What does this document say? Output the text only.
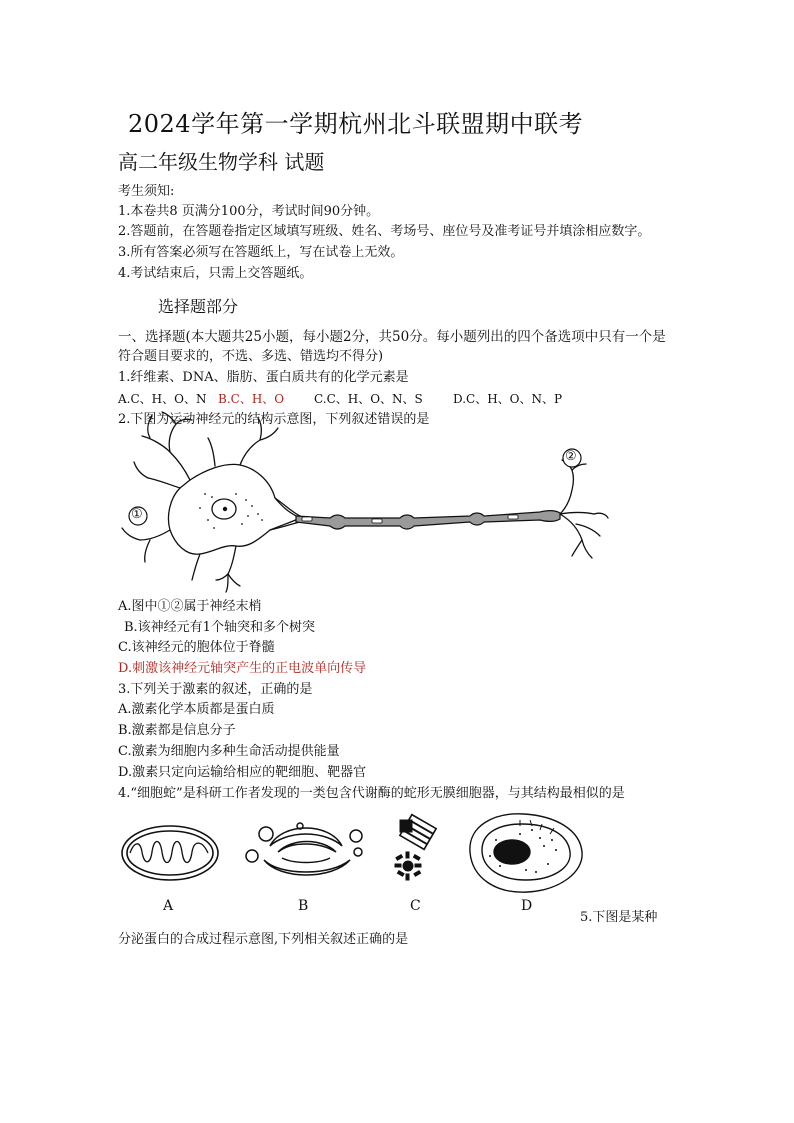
2024学年第一学期杭州北斗联盟期中联考
高二年级生物学科 试题
考生须知:
1.本卷共8 页满分100分，考试时间90分钟。
2.答题前，在答题卷指定区域填写班级、姓名、考场号、座位号及准考证号并填涂相应数字。
3.所有答案必须写在答题纸上，写在试卷上无效。
4.考试结束后，只需上交答题纸。
选择题部分
一、选择题(本大题共25小题，每小题2分，共50分。每小题列出的四个备选项中只有一个是
符合题目要求的，不选、多选、错选均不得分)
1.纤维素、DNA、脂肪、蛋白质共有的化学元素是
A.C、H、O、N B.C、H、O C.C、H、O、N、S	D.C、H、O、N、P
2.下图为运动神经元的结构示意图，下列叙述错误的是
①
②
A.图中①②属于神经末梢
B.该神经元有1个轴突和多个树突
C.该神经元的胞体位于脊髓
D.刺激该神经元轴突产生的正电波单向传导
3.下列关于激素的叙述，正确的是
A.激素化学本质都是蛋白质
B.激素都是信息分子
C.激素为细胞内多种生命活动提供能量
D.激素只定向运输给相应的靶细胞、靶器官
4.“细胞蛇”是科研工作者发现的一类包含代谢酶的蛇形无膜细胞器，与其结构最相似的是
A	B	C	D
5.下图是某种
分泌蛋白的合成过程示意图,下列相关叙述正确的是
